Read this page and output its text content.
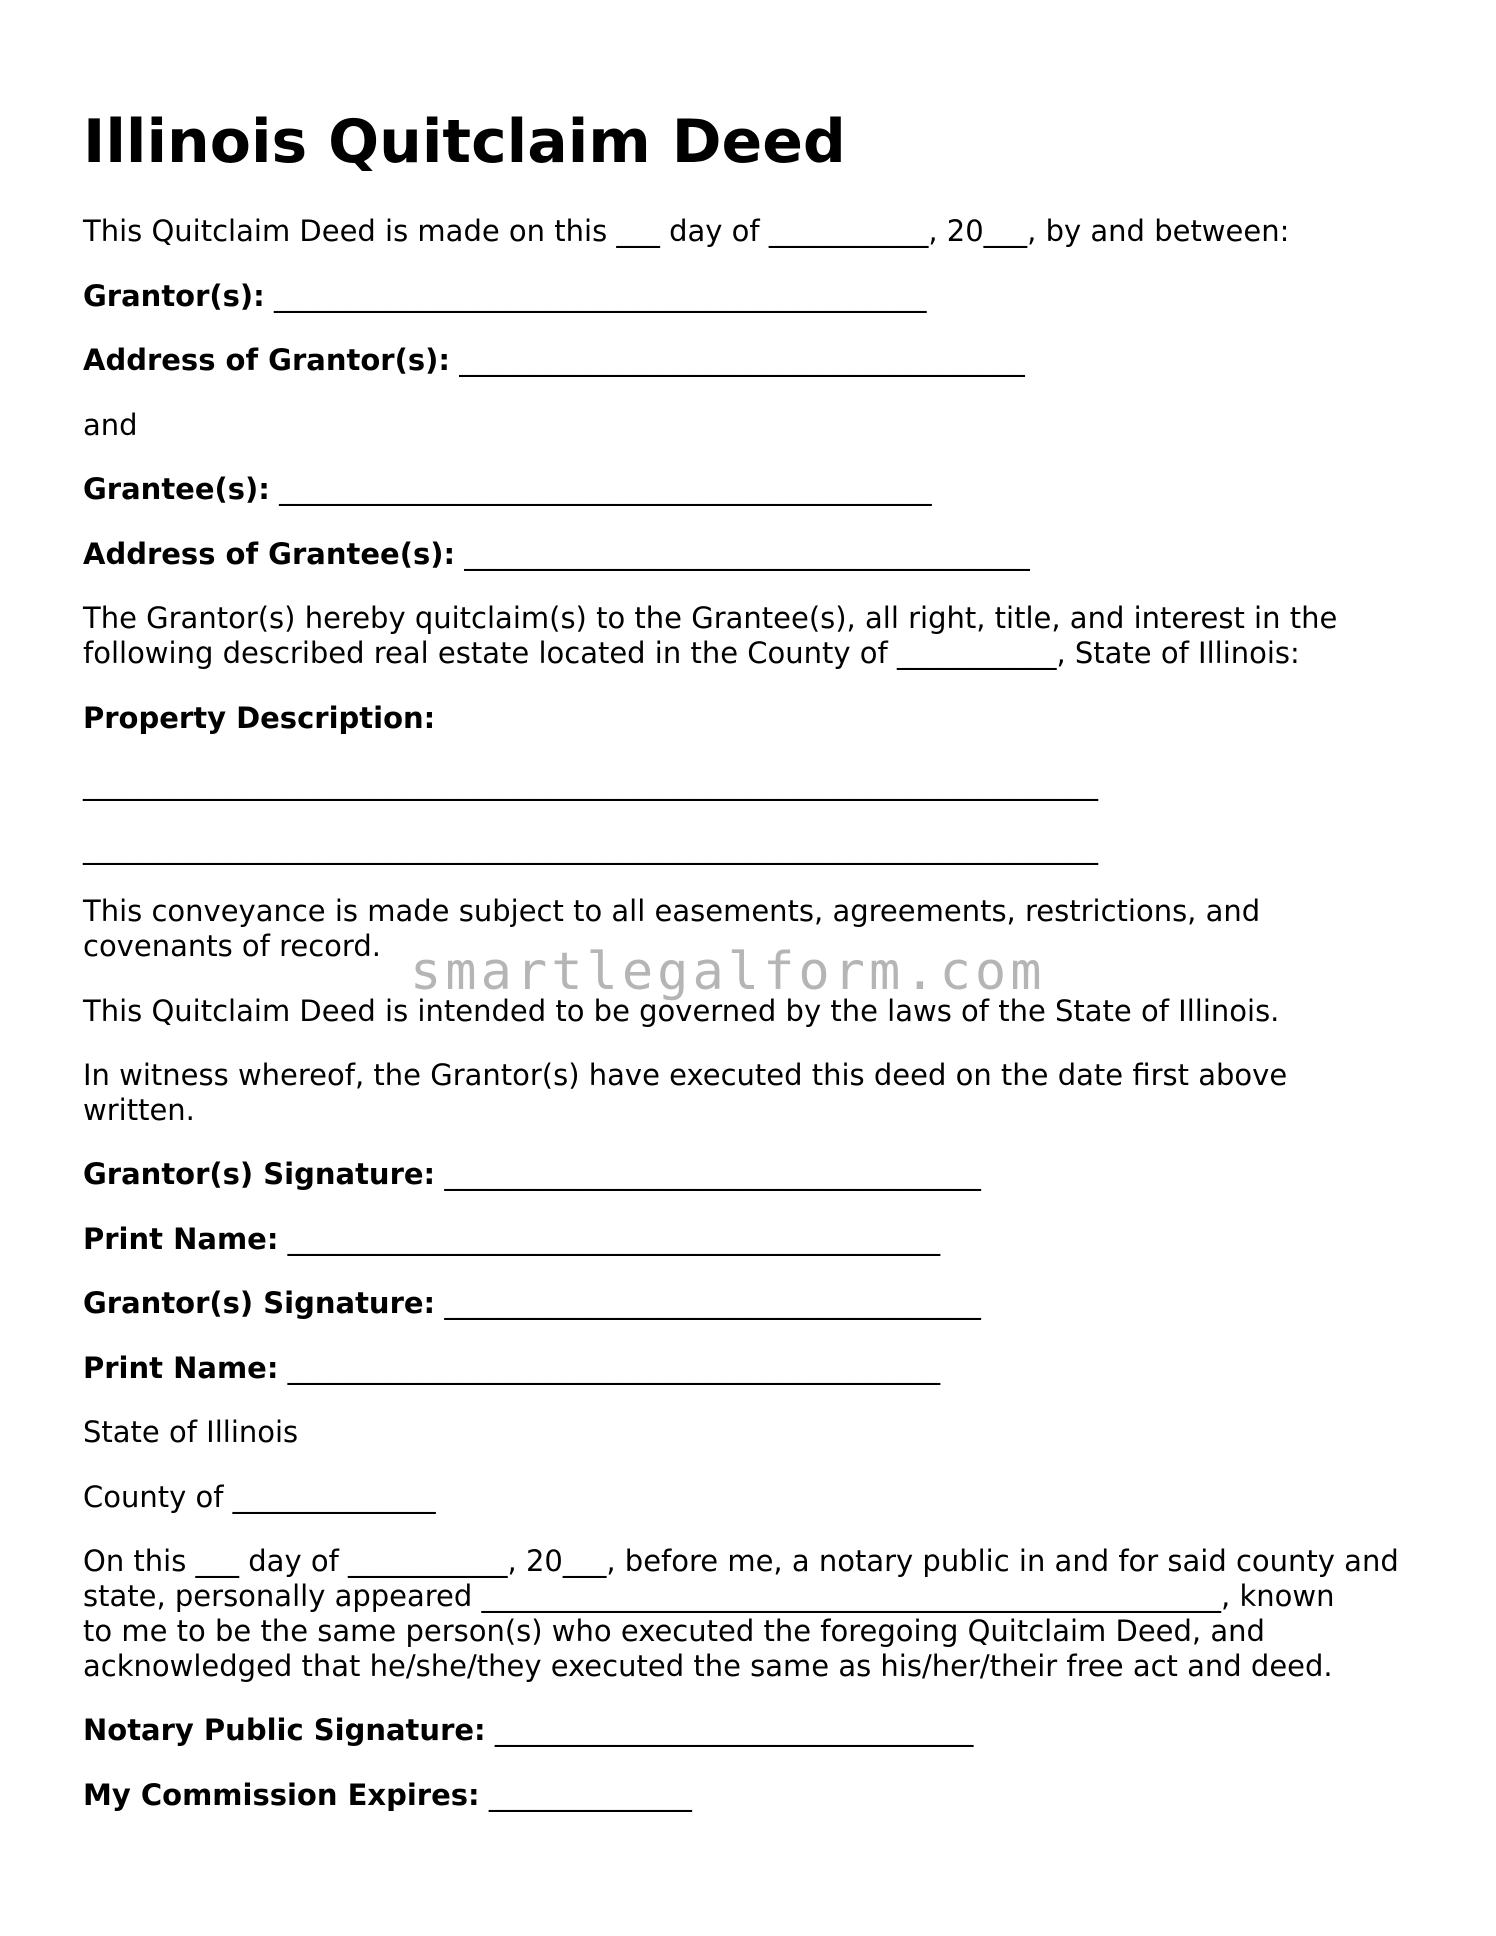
Illinois Quitclaim Deed
This Quitclaim Deed is made on this ___ day of ___________, 20___, by and between:
Grantor(s): _____________________________________________
Address of Grantor(s): _______________________________________
and
Grantee(s): _____________________________________________
Address of Grantee(s): _______________________________________
The Grantor(s) hereby quitclaim(s) to the Grantee(s), all right, title, and interest in the
following described real estate located in the County of ___________, State of Illinois:
Property Description:
______________________________________________________________________
______________________________________________________________________
This conveyance is made subject to all easements, agreements, restrictions, and
covenants of record.
This Quitclaim Deed is intended to be governed by the laws of the State of Illinois.
In witness whereof, the Grantor(s) have executed this deed on the date first above
written.
Grantor(s) Signature: _____________________________________
Print Name: _____________________________________________
Grantor(s) Signature: _____________________________________
Print Name: _____________________________________________
State of Illinois
County of ______________
On this ___ day of ___________, 20___, before me, a notary public in and for said county and
state, personally appeared ___________________________________________________, known
to me to be the same person(s) who executed the foregoing Quitclaim Deed, and
acknowledged that he/she/they executed the same as his/her/their free act and deed.
Notary Public Signature: _________________________________
My Commission Expires: ______________
smartlegalform.com
